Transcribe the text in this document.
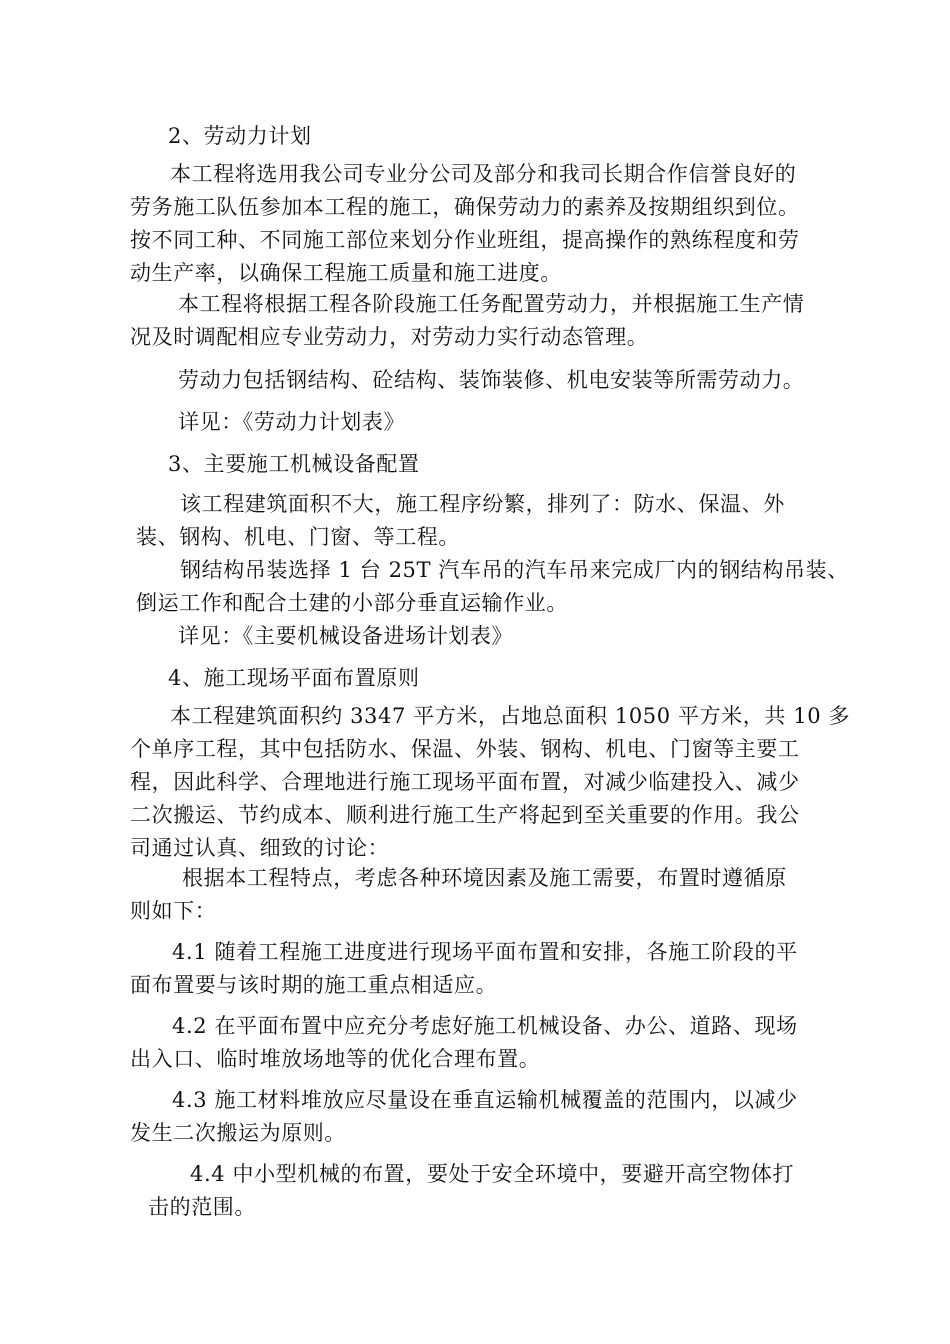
2、劳动力计划

本工程将选用我公司专业分公司及部分和我司长期合作信誉良好的
劳务施工队伍参加本工程的施工，确保劳动力的素养及按期组织到位。
按不同工种、不同施工部位来划分作业班组，提高操作的熟练程度和劳
动生产率，以确保工程施工质量和施工进度。

本工程将根据工程各阶段施工任务配置劳动力，并根据施工生产情
况及时调配相应专业劳动力，对劳动力实行动态管理。

劳动力包括钢结构、砼结构、装饰装修、机电安装等所需劳动力。

详见：《劳动力计划表》

3、主要施工机械设备配置

该工程建筑面积不大，施工程序纷繁，排列了：防水、保温、外
装、钢构、机电、门窗、等工程。

钢结构吊装选择 1 台 25T 汽车吊的汽车吊来完成厂内的钢结构吊装、
倒运工作和配合土建的小部分垂直运输作业。

详见：《主要机械设备进场计划表》

4、施工现场平面布置原则

本工程建筑面积约 3347 平方米，占地总面积 1050 平方米，共 10 多
个单序工程，其中包括防水、保温、外装、钢构、机电、门窗等主要工
程，因此科学、合理地进行施工现场平面布置，对减少临建投入、减少
二次搬运、节约成本、顺利进行施工生产将起到至关重要的作用。我公
司通过认真、细致的讨论：

根据本工程特点，考虑各种环境因素及施工需要，布置时遵循原
则如下：

4.1 随着工程施工进度进行现场平面布置和安排，各施工阶段的平
面布置要与该时期的施工重点相适应。

4.2 在平面布置中应充分考虑好施工机械设备、办公、道路、现场
出入口、临时堆放场地等的优化合理布置。

4.3 施工材料堆放应尽量设在垂直运输机械覆盖的范围内，以减少
发生二次搬运为原则。

4.4 中小型机械的布置，要处于安全环境中，要避开高空物体打
击的范围。
